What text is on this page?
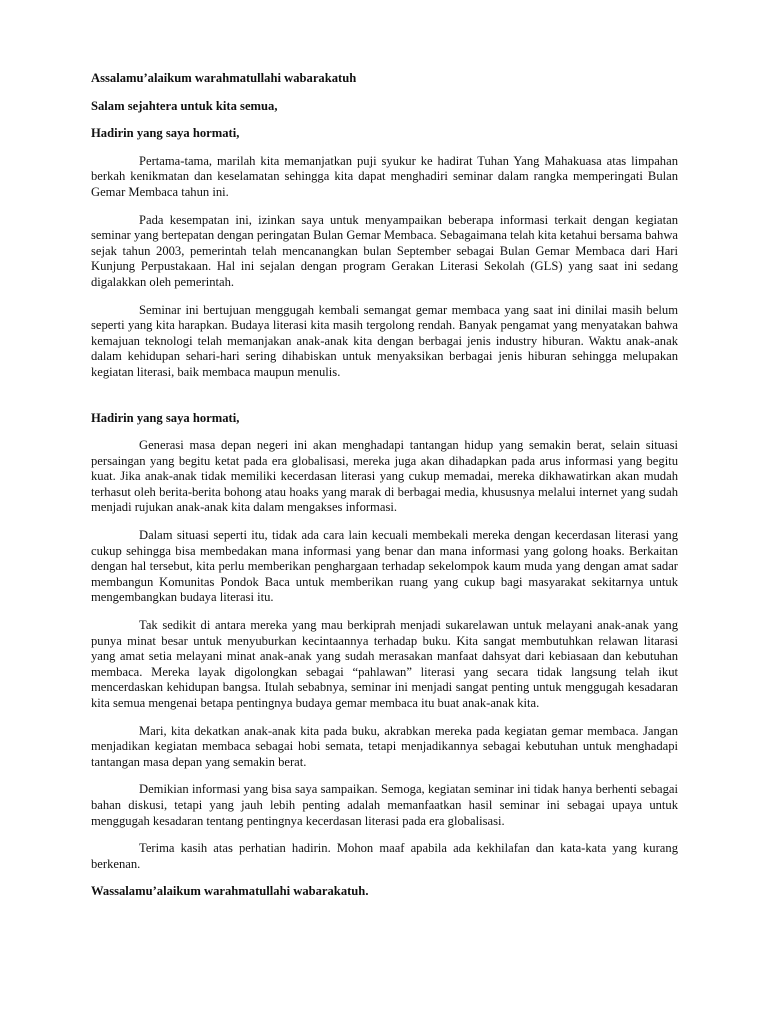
Assalamu’alaikum warahmatullahi wabarakatuh

Salam sejahtera untuk kita semua,

Hadirin yang saya hormati,

Pertama-tama, marilah kita memanjatkan puji syukur ke hadirat Tuhan Yang Mahakuasa atas limpahan berkah kenikmatan dan keselamatan sehingga kita dapat menghadiri seminar dalam rangka memperingati Bulan Gemar Membaca tahun ini.

Pada kesempatan ini, izinkan saya untuk menyampaikan beberapa informasi terkait dengan kegiatan seminar yang bertepatan dengan peringatan Bulan Gemar Membaca. Sebagaimana telah kita ketahui bersama bahwa sejak tahun 2003, pemerintah telah mencanangkan bulan September sebagai Bulan Gemar Membaca dari Hari Kunjung Perpustakaan. Hal ini sejalan dengan program Gerakan Literasi Sekolah (GLS) yang saat ini sedang digalakkan oleh pemerintah.

Seminar ini bertujuan menggugah kembali semangat gemar membaca yang saat ini dinilai masih belum seperti yang kita harapkan. Budaya literasi kita masih tergolong rendah. Banyak pengamat yang menyatakan bahwa kemajuan teknologi telah memanjakan anak-anak kita dengan berbagai jenis industry hiburan. Waktu anak-anak dalam kehidupan sehari-hari sering dihabiskan untuk menyaksikan berbagai jenis hiburan sehingga melupakan kegiatan literasi, baik membaca maupun menulis.

Hadirin yang saya hormati,

Generasi masa depan negeri ini akan menghadapi tantangan hidup yang semakin berat, selain situasi persaingan yang begitu ketat pada era globalisasi, mereka juga akan dihadapkan pada arus informasi yang begitu kuat. Jika anak-anak tidak memiliki kecerdasan literasi yang cukup memadai, mereka dikhawatirkan akan mudah terhasut oleh berita-berita bohong atau hoaks yang marak di berbagai media, khususnya melalui internet yang sudah menjadi rujukan anak-anak kita dalam mengakses informasi.

Dalam situasi seperti itu, tidak ada cara lain kecuali membekali mereka dengan kecerdasan literasi yang cukup sehingga bisa membedakan mana informasi yang benar dan mana informasi yang golong hoaks. Berkaitan dengan hal tersebut, kita perlu memberikan penghargaan terhadap sekelompok kaum muda yang dengan amat sadar membangun Komunitas Pondok Baca untuk memberikan ruang yang cukup bagi masyarakat sekitarnya untuk mengembangkan budaya literasi itu.

Tak sedikit di antara mereka yang mau berkiprah menjadi sukarelawan untuk melayani anak-anak yang punya minat besar untuk menyuburkan kecintaannya terhadap buku. Kita sangat membutuhkan relawan litarasi yang amat setia melayani minat anak-anak yang sudah merasakan manfaat dahsyat dari kebiasaan dan kebutuhan membaca. Mereka layak digolongkan sebagai “pahlawan” literasi yang secara tidak langsung telah ikut mencerdaskan kehidupan bangsa. Itulah sebabnya, seminar ini menjadi sangat penting untuk menggugah kesadaran kita semua mengenai betapa pentingnya budaya gemar membaca itu buat anak-anak kita.

Mari, kita dekatkan anak-anak kita pada buku, akrabkan mereka pada kegiatan gemar membaca. Jangan menjadikan kegiatan membaca sebagai hobi semata, tetapi menjadikannya sebagai kebutuhan untuk menghadapi tantangan masa depan yang semakin berat.

Demikian informasi yang bisa saya sampaikan. Semoga, kegiatan seminar ini tidak hanya berhenti sebagai bahan diskusi, tetapi yang jauh lebih penting adalah memanfaatkan hasil seminar ini sebagai upaya untuk menggugah kesadaran tentang pentingnya kecerdasan literasi pada era globalisasi.

Terima kasih atas perhatian hadirin. Mohon maaf apabila ada kekhilafan dan kata-kata yang kurang berkenan.

Wassalamu’alaikum warahmatullahi wabarakatuh.
